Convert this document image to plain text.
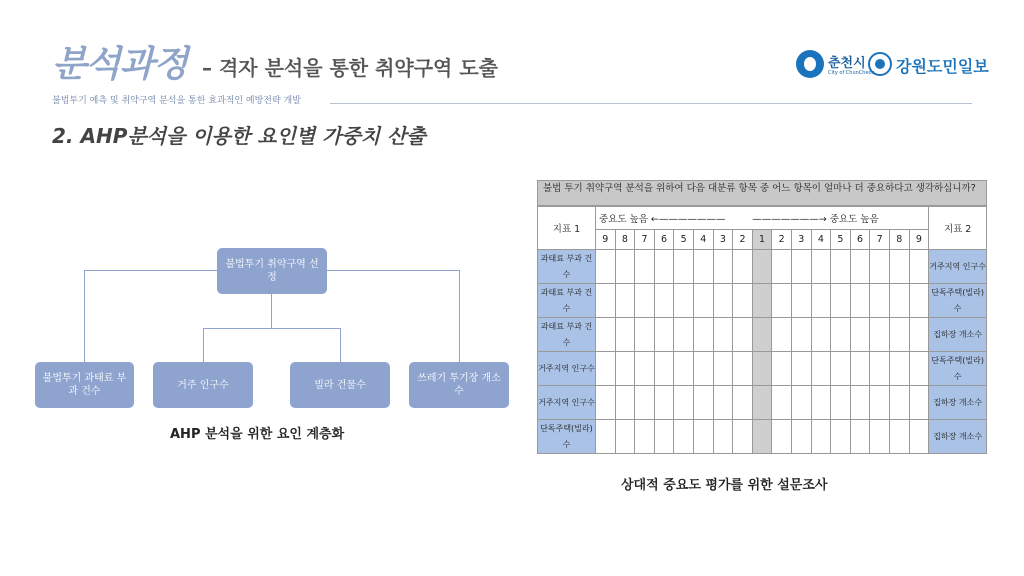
분석과정 – 격자 분석을 통한 취약구역 도출
불법투기 예측 및 취약구역 분석을 통한 효과적인 예방전략 개발
2. AHP분석을 이용한 요인별 가중치 산출
춘천시
City of ChunCheon 강원도민일보
불법투기 취약구역 선정
불법투기 과태료 부과 건수
거주 인구수	빌라 건물수
쓰레기 투기장 개소수
AHP 분석을 위한 요인 계층화
불법 투기 취약구역 분석을 위하여 다음 대분류 항목 중 어느 항목이 얼마나 더 중요하다고 생각하십니까?
지표 1	중요도 높음 ←———————								———————→ 중요도 높음									지표 2
	9	8	7	6	5	4	3	2	1	2	3	4	5	6	7	8	9	
과태료 부과 건수																		거주지역 인구수
과태료 부과 건수																		단독주택(빌라) 수
과태료 부과 건수																		집하장 개소수
거주지역 인구수																		단독주택(빌라) 수
거주지역 인구수																		집하장 개소수
단독주택(빌라) 수																		집하장 개소수
상대적 중요도 평가를 위한 설문조사
